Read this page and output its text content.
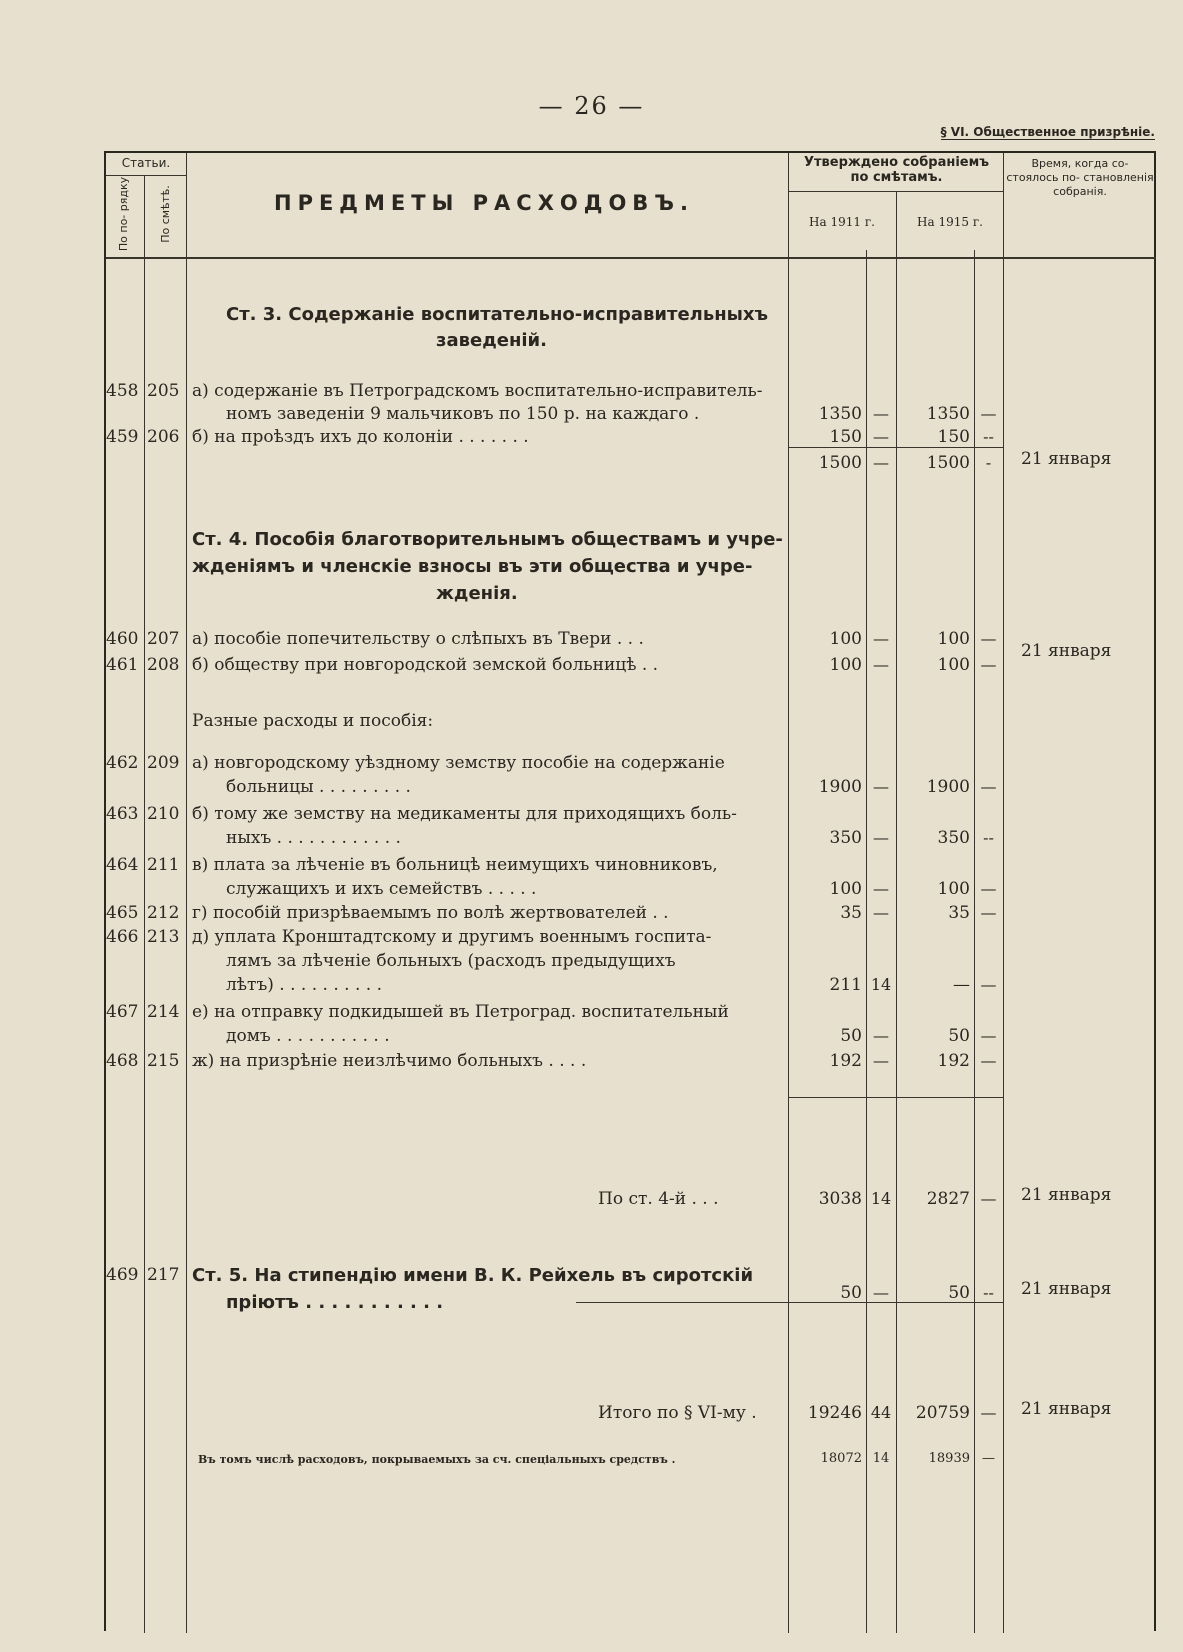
— 26 —
§ VI. Общественное призрѣніе.
Статьи.
По по- рядку	По смѣтѣ.	ПРЕДМЕТЫ РАСХОДОВЪ.
Утверждено собраніемъ по смѣтамъ.
На 1911 г.	На 1915 г.
Время, когда со- стоялось по- становленія собранія.
Ст. 3. Содержаніе воспитательно-исправительныхъ
заведеній.
458 205 а) содержаніе въ Петроградскомъ воспитательно-исправитель-
номъ заведеніи 9 мальчиковъ по 150 р. на каждаго .	1350 —	1350 —
459 206 б) на проѣздъ ихъ до колоніи . . . . . . .	150 —	150 --
1500 —	1500 -	21 января
Ст. 4. Пособія благотворительнымъ обществамъ и учре-
жденіямъ и членскіе взносы въ эти общества и учре-
жденія.
460 207 а) пособіе попечительству о слѣпыхъ въ Твери . . .	100 —	100 —
461 208 б) обществу при новгородской земской больницѣ . .	100 —	100 —
21 января
Разные расходы и пособія:
462 209 а) новгородскому уѣздному земству пособіе на содержаніе
больницы . . . . . . . . .	1900 —	1900 —
463 210 б) тому же земству на медикаменты для приходящихъ боль-
ныхъ . . . . . . . . . . . .	350 —	350 --
464 211 в) плата за лѣченіе въ больницѣ неимущихъ чиновниковъ,
служащихъ и ихъ семействъ . . . . .	100 —	100 —
465 212 г) пособій призрѣваемымъ по волѣ жертвователей . .	35 —	35 —
466 213 д) уплата Кронштадтскому и другимъ военнымъ госпита-
лямъ за лѣченіе больныхъ (расходъ предыдущихъ
лѣтъ) . . . . . . . . . .	211 14	— —
467 214 е) на отправку подкидышей въ Петроград. воспитательный
домъ . . . . . . . . . . .	50 —	50 —
468 215 ж) на призрѣніе неизлѣчимо больныхъ . . . .	192 —	192 —
По ст. 4-й . . .	3038 14	2827 —	21 января
469 217 Ст. 5. На стипендію имени В. К. Рейхель въ сиротскій
пріютъ . . . . . . . . . . .	50 —	50 --	21 января
Итого по § VI-му .	19246 44	20759 —	21 января
Въ томъ числѣ расходовъ, покрываемыхъ за сч. спеціальныхъ средствъ .	18072 14	18939 —
